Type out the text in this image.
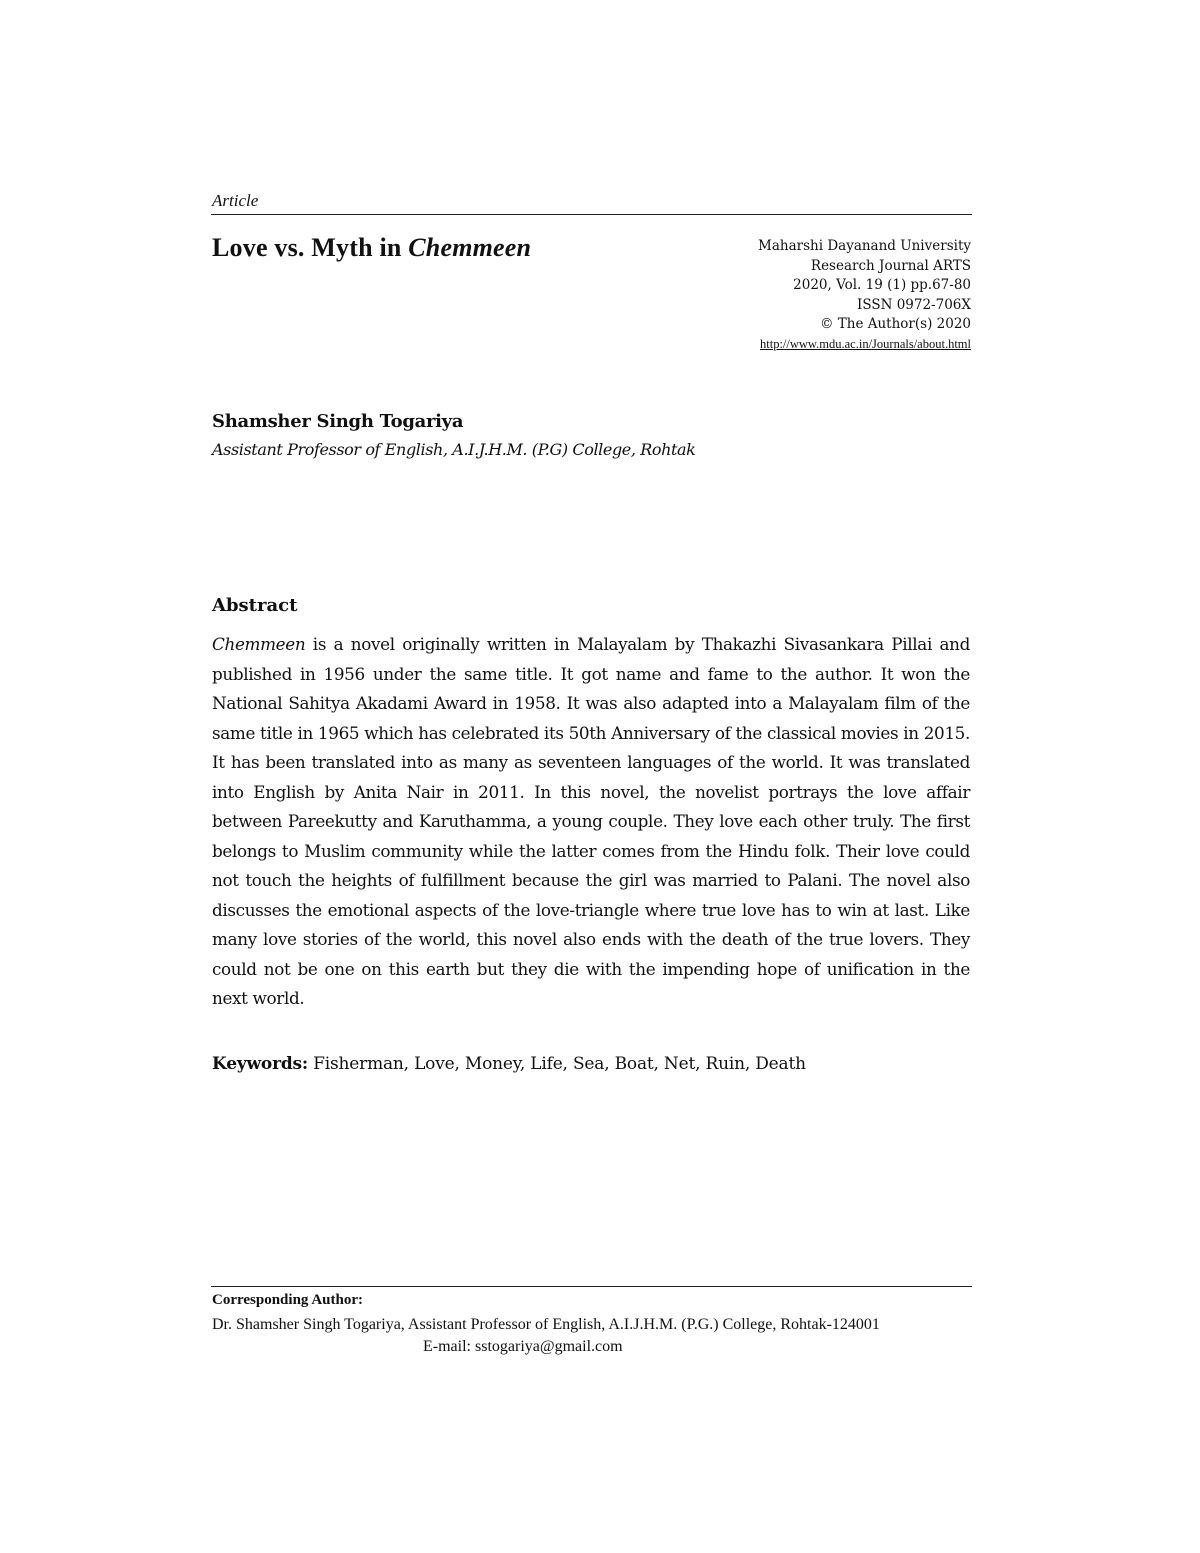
Article
Love vs. Myth in Chemmeen	Maharshi Dayanand University
Research Journal ARTS
2020, Vol. 19 (1) pp.67-80
ISSN 0972-706X
© The Author(s) 2020
http://www.mdu.ac.in/Journals/about.html
Shamsher Singh Togariya
Assistant Professor of English, A.I.J.H.M. (P.G) College, Rohtak
Abstract
Chemmeen is a novel originally written in Malayalam by Thakazhi Sivasankara Pillai and published in 1956 under the same title. It got name and fame to the author. It won the National Sahitya Akadami Award in 1958. It was also adapted into a Malayalam film of the same title in 1965 which has celebrated its 50th Anniversary of the classical movies in 2015. It has been translated into as many as seventeen languages of the world. It was translated into English by Anita Nair in 2011. In this novel, the novelist portrays the love affair between Pareekutty and Karuthamma, a young couple. They love each other truly. The first belongs to Muslim community while the latter comes from the Hindu folk. Their love could not touch the heights of fulfillment because the girl was married to Palani. The novel also discusses the emotional aspects of the love-triangle where true love has to win at last. Like many love stories of the world, this novel also ends with the death of the true lovers. They could not be one on this earth but they die with the impending hope of unification in the next world.
Keywords: Fisherman, Love, Money, Life, Sea, Boat, Net, Ruin, Death
Corresponding Author:
Dr. Shamsher Singh Togariya, Assistant Professor of English, A.I.J.H.M. (P.G.) College, Rohtak-124001
E-mail: sstogariya@gmail.com
